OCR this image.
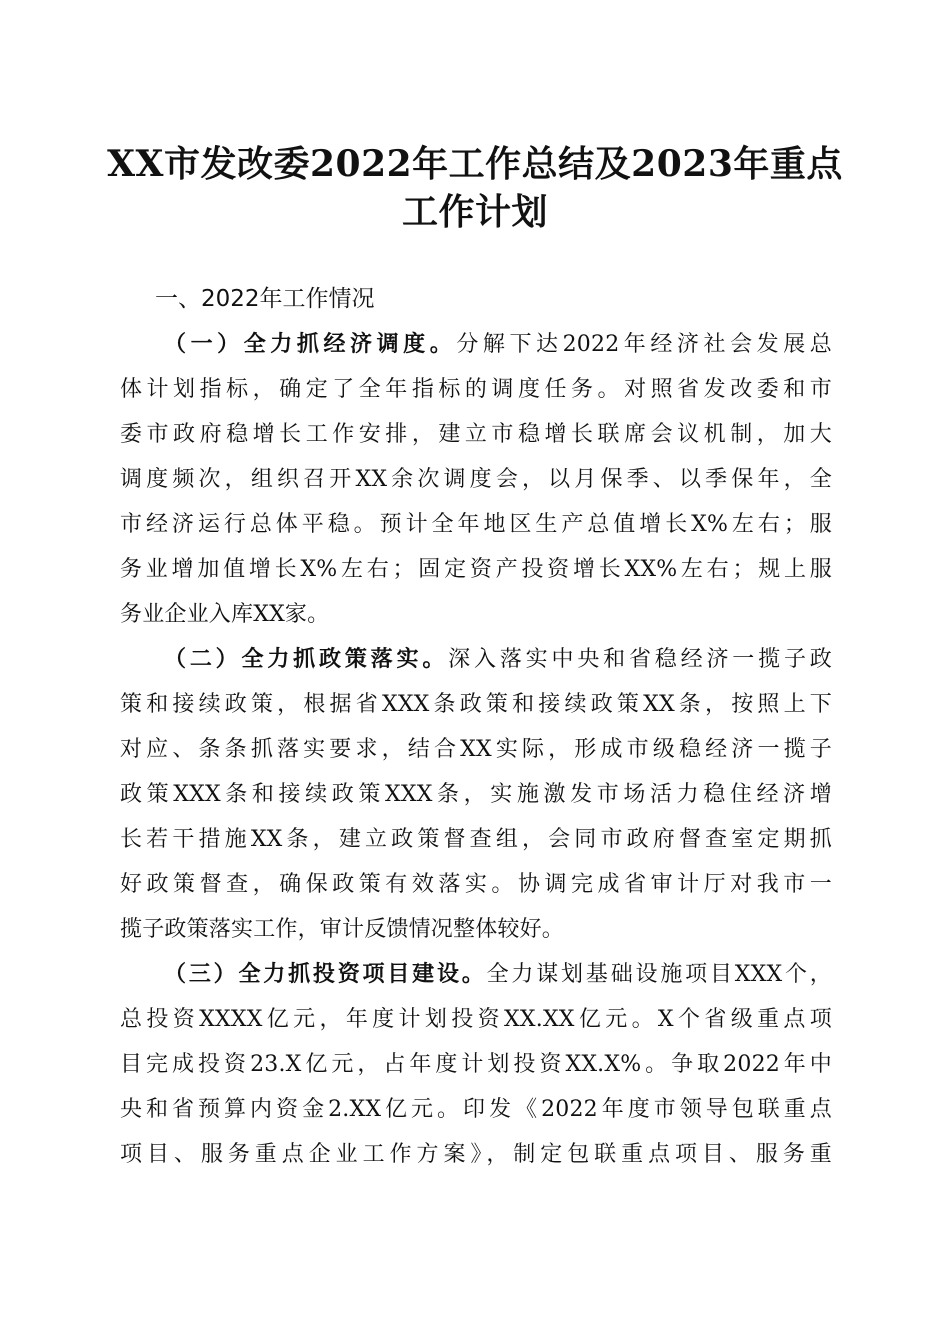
XX市发改委2022年工作总结及2023年重点
工作计划
一、2022年工作情况
（一）全力抓经济调度。分解下达2022年经济社会发展总
体计划指标，确定了全年指标的调度任务。对照省发改委和市
委市政府稳增长工作安排，建立市稳增长联席会议机制，加大
调度频次，组织召开XX余次调度会，以月保季、以季保年，全
市经济运行总体平稳。预计全年地区生产总值增长X%左右；服
务业增加值增长X%左右；固定资产投资增长XX%左右；规上服
务业企业入库XX家。
（二）全力抓政策落实。深入落实中央和省稳经济一揽子政
策和接续政策，根据省XXX条政策和接续政策XX条，按照上下
对应、条条抓落实要求，结合XX实际，形成市级稳经济一揽子
政策XXX条和接续政策XXX条，实施激发市场活力稳住经济增
长若干措施XX条，建立政策督查组，会同市政府督查室定期抓
好政策督查，确保政策有效落实。协调完成省审计厅对我市一
揽子政策落实工作，审计反馈情况整体较好。
（三）全力抓投资项目建设。全力谋划基础设施项目XXX个，
总投资XXXX亿元，年度计划投资XX.XX亿元。X个省级重点项
目完成投资23.X亿元，占年度计划投资XX.X%。争取2022年中
央和省预算内资金2.XX亿元。印发《2022年度市领导包联重点
项目、服务重点企业工作方案》，制定包联重点项目、服务重
